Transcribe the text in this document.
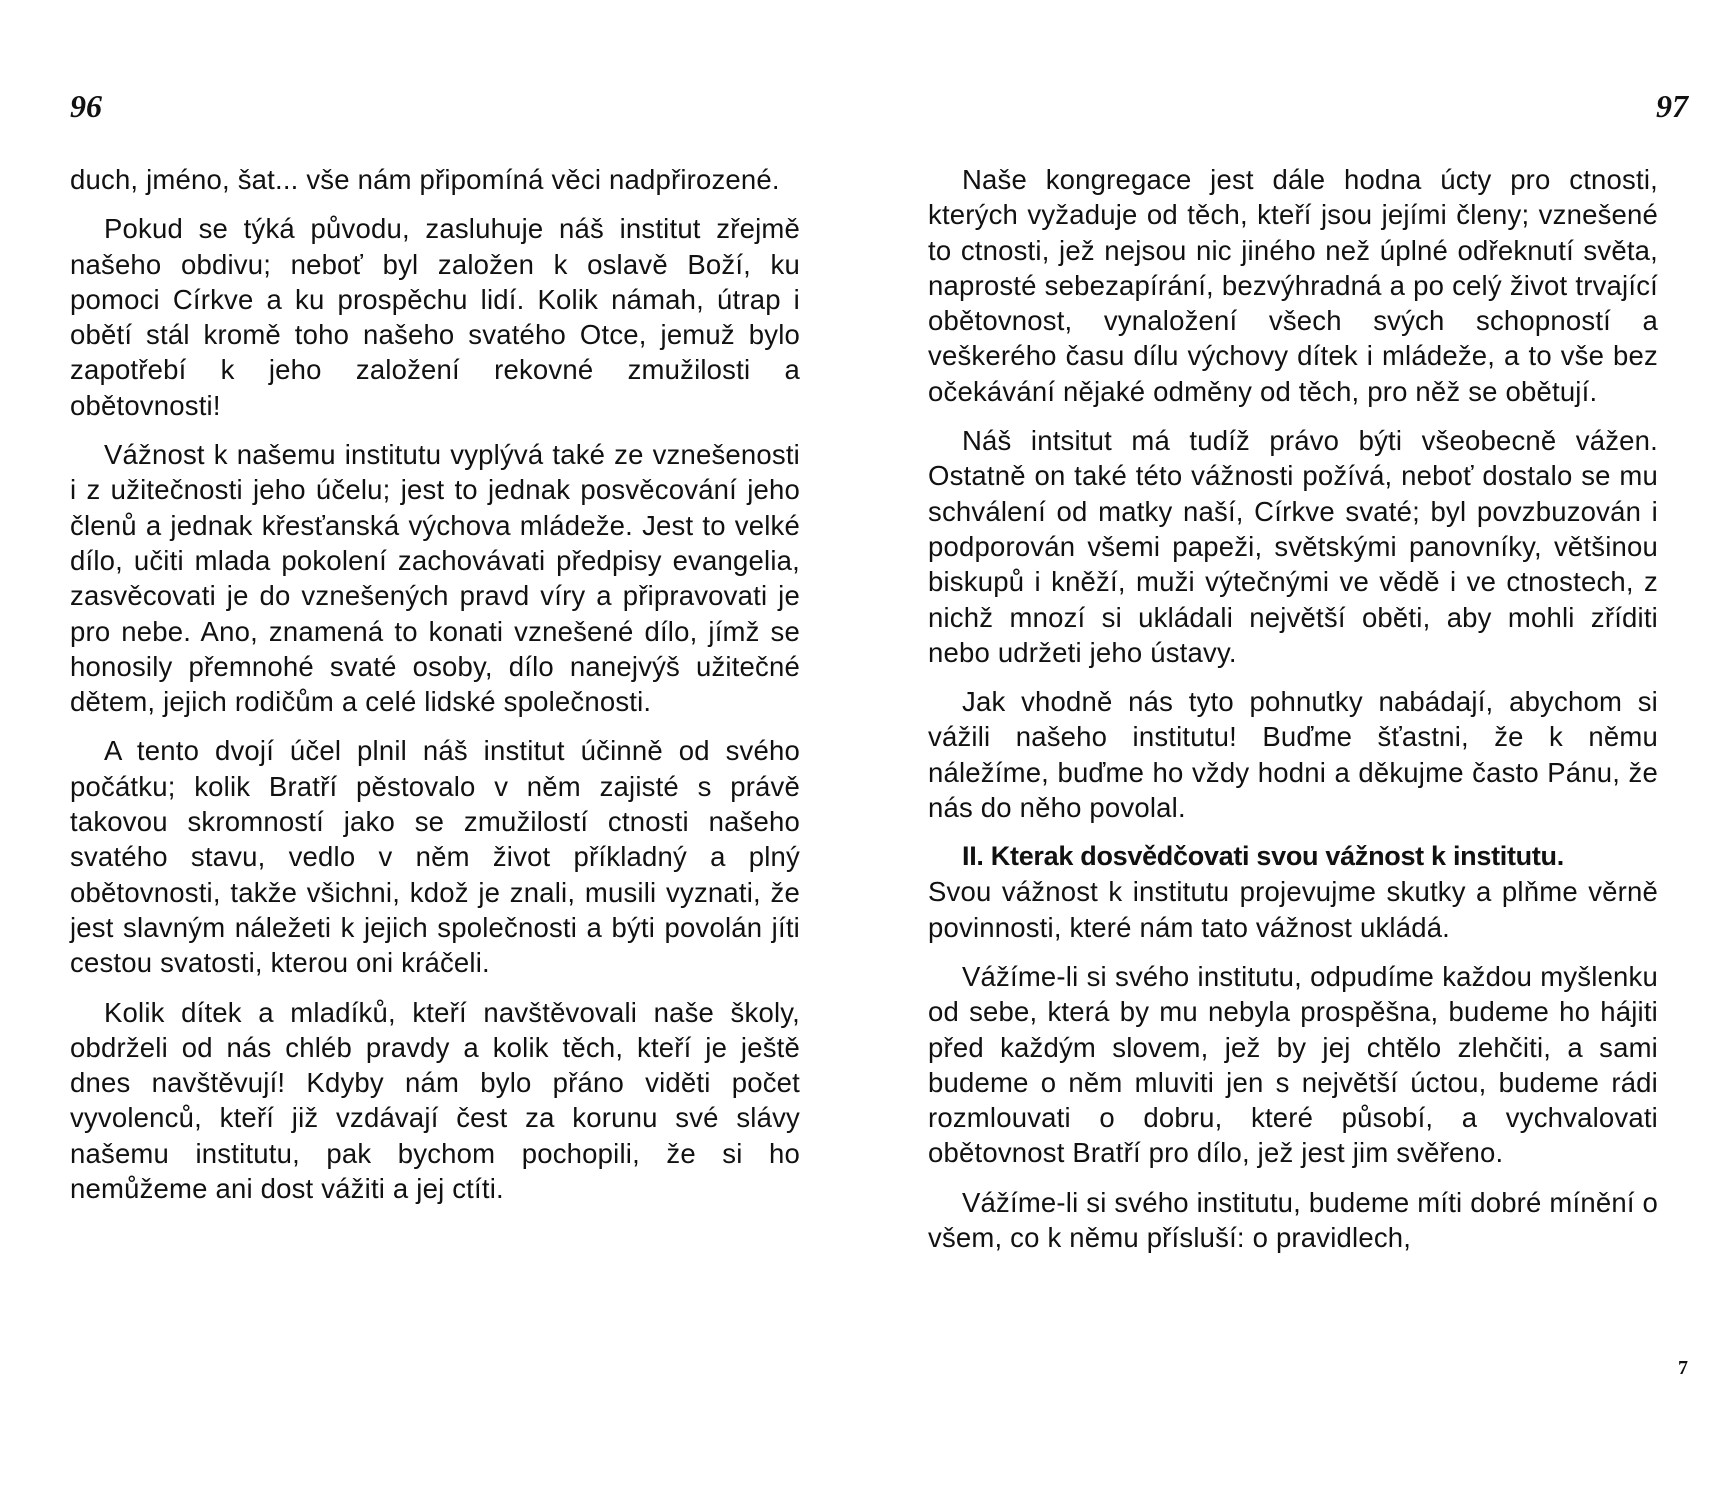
96

duch, jméno, šat... vše nám připomíná věci nadpřirozené.

Pokud se týká původu, zasluhuje náš institut zřejmě našeho obdivu; neboť byl založen k oslavě Boží, ku pomoci Církve a ku prospěchu lidí. Kolik námah, útrap i obětí stál kromě toho našeho svatého Otce, jemuž bylo zapotřebí k jeho založení rekovné zmužilosti a obětovnosti!

Vážnost k našemu institutu vyplývá také ze vznešenosti i z užitečnosti jeho účelu; jest to jednak posvěcování jeho členů a jednak křesťanská výchova mládeže. Jest to velké dílo, učiti mlada pokolení zachovávati předpisy evangelia, zasvěcovati je do vznešených pravd víry a připravovati je pro nebe. Ano, znamená to konati vznešené dílo, jímž se honosily přemnohé svaté osoby, dílo nanejvýš užitečné dětem, jejich rodičům a celé lidské společnosti.

A tento dvojí účel plnil náš institut účinně od svého počátku; kolik Bratří pěstovalo v něm zajisté s právě takovou skromností jako se zmužilostí ctnosti našeho svatého stavu, vedlo v něm život příkladný a plný obětovnosti, takže všichni, kdož je znali, musili vyznati, že jest slavným náležeti k jejich společnosti a býti povolán jíti cestou svatosti, kterou oni kráčeli.

Kolik dítek a mladíků, kteří navštěvovali naše školy, obdrželi od nás chléb pravdy a kolik těch, kteří je ještě dnes navštěvují! Kdyby nám bylo přáno viděti počet vyvolenců, kteří již vzdávají čest za korunu své slávy našemu institutu, pak bychom pochopili, že si ho nemůžeme ani dost vážiti a jej ctíti.

97

Naše kongregace jest dále hodna úcty pro ctnosti, kterých vyžaduje od těch, kteří jsou jejími členy; vznešené to ctnosti, jež nejsou nic jiného než úplné odřeknutí světa, naprosté sebezapírání, bezvýhradná a po celý život trvající obětovnost, vynaložení všech svých schopností a veškerého času dílu výchovy dítek i mládeže, a to vše bez očekávání nějaké odměny od těch, pro něž se obětují.

Náš intsitut má tudíž právo býti všeobecně vážen. Ostatně on také této vážnosti požívá, neboť dostalo se mu schválení od matky naší, Církve svaté; byl povzbuzován i podporován všemi papeži, světskými panovníky, většinou biskupů i kněží, muži výtečnými ve vědě i ve ctnostech, z nichž mnozí si ukládali největší oběti, aby mohli zříditi nebo udržeti jeho ústavy.

Jak vhodně nás tyto pohnutky nabádají, abychom si vážili našeho institutu! Buďme šťastni, že k němu náležíme, buďme ho vždy hodni a děkujme často Pánu, že nás do něho povolal.

II. Kterak dosvědčovati svou vážnost k institutu.

Svou vážnost k institutu projevujme skutky a plňme věrně povinnosti, které nám tato vážnost ukládá.

Vážíme-li si svého institutu, odpudíme každou myšlenku od sebe, která by mu nebyla prospěšna, budeme ho hájiti před každým slovem, jež by jej chtělo zlehčiti, a sami budeme o něm mluviti jen s největší úctou, budeme rádi rozmlouvati o dobru, které působí, a vychvalovati obětovnost Bratří pro dílo, jež jest jim svěřeno.

Vážíme-li si svého institutu, budeme míti dobré mínění o všem, co k němu přísluší: o pravidlech,

7
